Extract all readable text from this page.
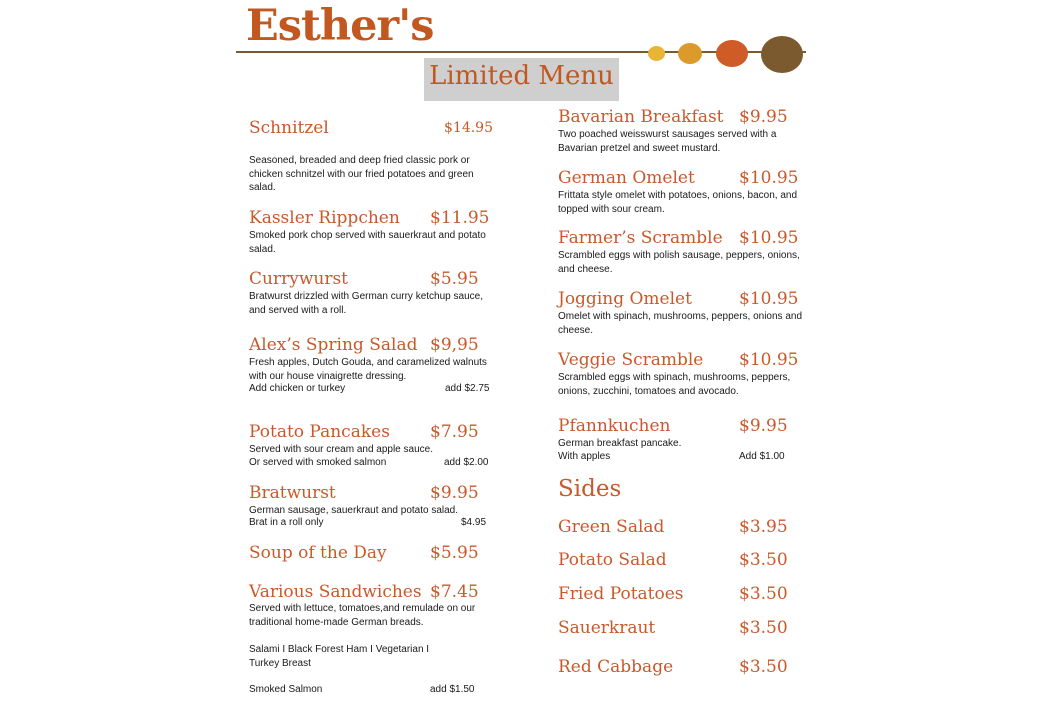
Esther's
Limited Menu
Schnitzel	$14.95
Seasoned, breaded and deep fried classic pork or chicken schnitzel with our fried potatoes and green salad.
Kassler Rippchen $11.95
Smoked pork chop served with sauerkraut and potato salad.
Currywurst	$5.95
Bratwurst drizzled with German curry ketchup sauce, and served with a roll.
Alex’s Spring Salad $9,95
Fresh apples, Dutch Gouda, and caramelized walnuts with our house vinaigrette dressing.
Add chicken or turkey	add $2.75
Potato Pancakes $7.95
Served with sour cream and apple sauce.
Or served with smoked salmon	add $2.00
Bratwurst	$9.95
German sausage, sauerkraut and potato salad.
Brat in a roll only	$4.95
Soup of the Day	$5.95
Various Sandwiches $7.45
Served with lettuce, tomatoes,and remulade on our traditional home-made German breads.
Salami I Black Forest Ham I Vegetarian I Turkey Breast
Smoked Salmon	add $1.50
Bavarian Breakfast $9.95
Two poached weisswurst sausages served with a Bavarian pretzel and sweet mustard.
German Omelet	$10.95
Frittata style omelet with potatoes, onions, bacon, and topped with sour cream.
Farmer’s Scramble $10.95
Scrambled eggs with polish sausage, peppers, onions, and cheese.
Jogging Omelet	$10.95
Omelet with spinach, mushrooms, peppers, onions and cheese.
Veggie Scramble $10.95
Scrambled eggs with spinach, mushrooms, peppers, onions, zucchini, tomatoes and avocado.
Pfannkuchen	$9.95
German breakfast pancake.
With apples	Add $1.00
Sides
Green Salad	$3.95
Potato Salad	$3.50
Fried Potatoes	$3.50
Sauerkraut	$3.50
Red Cabbage	$3.50
